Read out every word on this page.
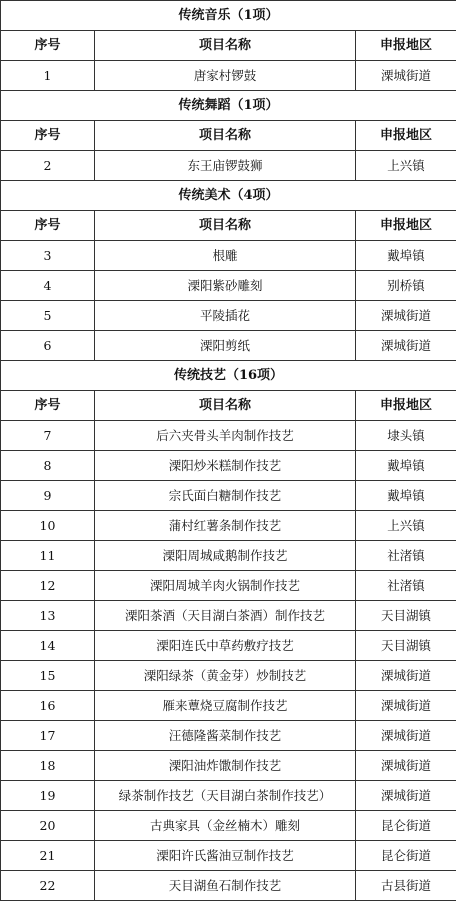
传统音乐（1项）		
序号	项目名称	申报地区
1	唐家村锣鼓	溧城街道
传统舞蹈（1项）		
序号	项目名称	申报地区
2	东王庙锣鼓狮	上兴镇
传统美术（4项）		
序号	项目名称	申报地区
3	根雕	戴埠镇
4	溧阳紫砂雕刻	别桥镇
5	平陵插花	溧城街道
6	溧阳剪纸	溧城街道
传统技艺（16项）		
序号	项目名称	申报地区
7	后六夹骨头羊肉制作技艺	埭头镇
8	溧阳炒米糕制作技艺	戴埠镇
9	宗氏面白糖制作技艺	戴埠镇
10	蒲村红薯条制作技艺	上兴镇
11	溧阳周城咸鹅制作技艺	社渚镇
12	溧阳周城羊肉火锅制作技艺	社渚镇
13	溧阳茶酒（天目湖白茶酒）制作技艺	天目湖镇
14	溧阳连氏中草药敷疗技艺	天目湖镇
15	溧阳绿茶（黄金芽）炒制技艺	溧城街道
16	雁来蕈烧豆腐制作技艺	溧城街道
17	汪德隆酱菜制作技艺	溧城街道
18	溧阳油炸馓制作技艺	溧城街道
19	绿茶制作技艺（天目湖白茶制作技艺）	溧城街道
20	古典家具（金丝楠木）雕刻	昆仑街道
21	溧阳许氏酱油豆制作技艺	昆仑街道
22	天目湖鱼石制作技艺	古县街道
